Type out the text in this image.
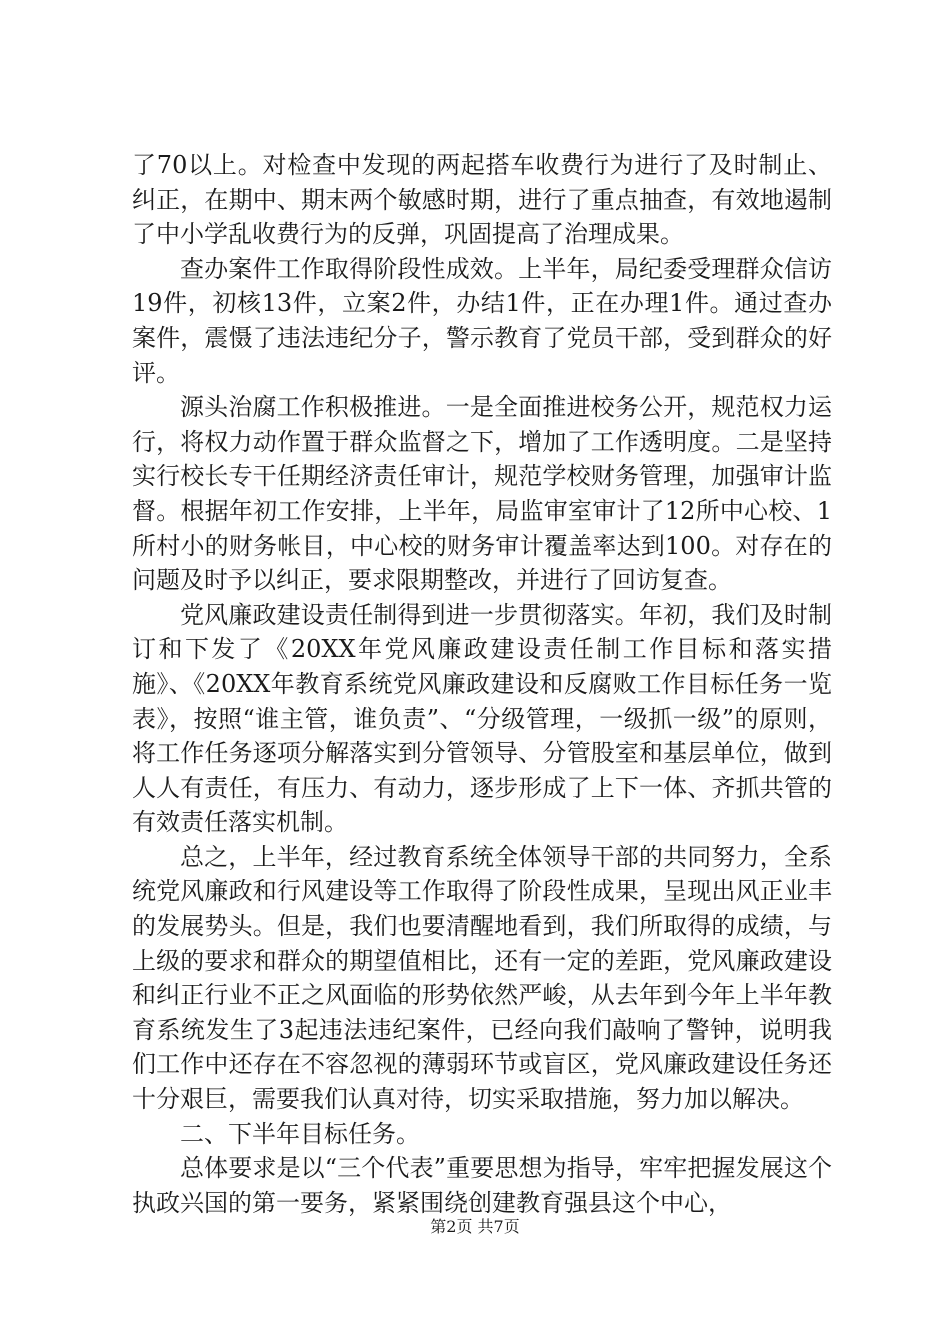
了70以上。对检查中发现的两起搭车收费行为进行了及时制止、纠正，在期中、期末两个敏感时期，进行了重点抽查，有效地遏制了中小学乱收费行为的反弹，巩固提高了治理成果。

查办案件工作取得阶段性成效。上半年，局纪委受理群众信访19件，初核13件，立案2件，办结1件，正在办理1件。通过查办案件，震慑了违法违纪分子，警示教育了党员干部，受到群众的好评。

源头治腐工作积极推进。一是全面推进校务公开，规范权力运行，将权力动作置于群众监督之下，增加了工作透明度。二是坚持实行校长专干任期经济责任审计，规范学校财务管理，加强审计监督。根据年初工作安排，上半年，局监审室审计了12所中心校、1所村小的财务帐目，中心校的财务审计覆盖率达到100。对存在的问题及时予以纠正，要求限期整改，并进行了回访复查。

党风廉政建设责任制得到进一步贯彻落实。年初，我们及时制订和下发了《20XX年党风廉政建设责任制工作目标和落实措施》、《20XX年教育系统党风廉政建设和反腐败工作目标任务一览表》，按照“谁主管，谁负责”、“分级管理，一级抓一级”的原则，将工作任务逐项分解落实到分管领导、分管股室和基层单位，做到人人有责任，有压力、有动力，逐步形成了上下一体、齐抓共管的有效责任落实机制。

总之，上半年，经过教育系统全体领导干部的共同努力，全系统党风廉政和行风建设等工作取得了阶段性成果，呈现出风正业丰的发展势头。但是，我们也要清醒地看到，我们所取得的成绩，与上级的要求和群众的期望值相比，还有一定的差距，党风廉政建设和纠正行业不正之风面临的形势依然严峻，从去年到今年上半年教育系统发生了3起违法违纪案件，已经向我们敲响了警钟，说明我们工作中还存在不容忽视的薄弱环节或盲区，党风廉政建设任务还十分艰巨，需要我们认真对待，切实采取措施，努力加以解决。

二、下半年目标任务。

总体要求是以“三个代表”重要思想为指导，牢牢把握发展这个执政兴国的第一要务，紧紧围绕创建教育强县这个中心，

第2页 共7页
